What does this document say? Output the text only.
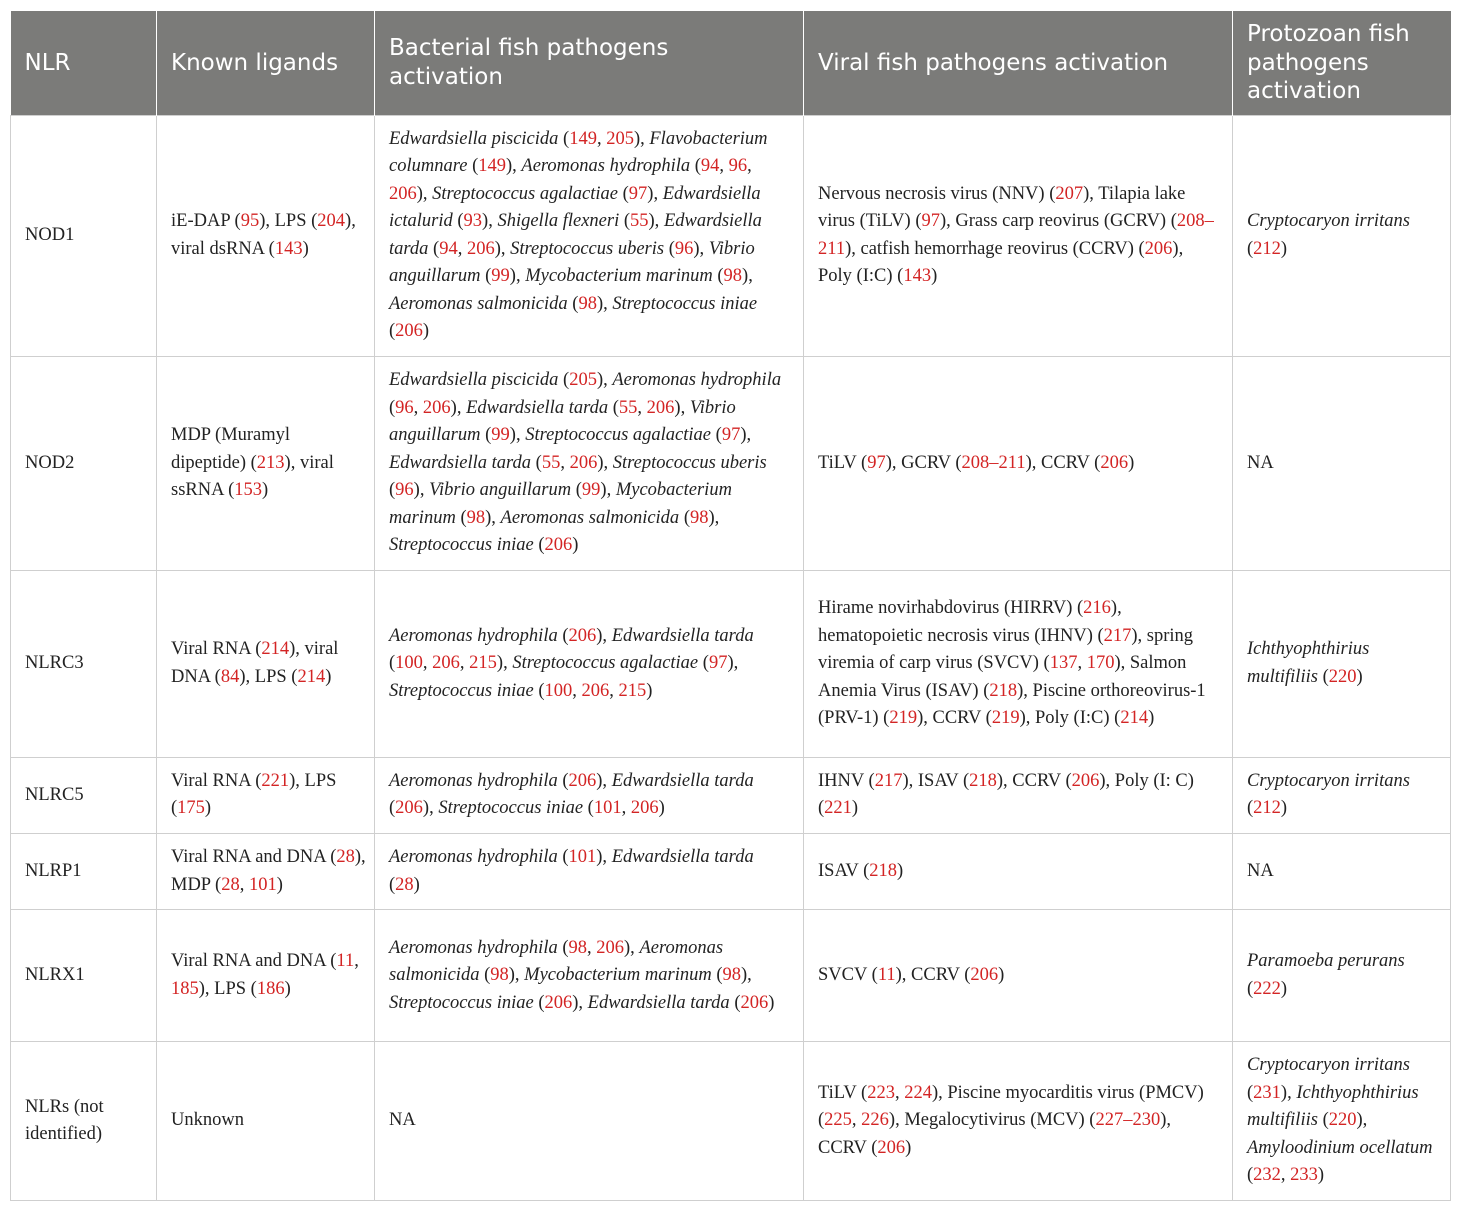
NLR	Known ligands	Bacterial fish pathogens activation	Viral fish pathogens activation	Protozoan fish pathogens activation
NOD1	iE-DAP (95), LPS (204), viral dsRNA (143)	Edwardsiella piscicida (149, 205), Flavobacterium columnare (149), Aeromonas hydrophila (94, 96, 206), Streptococcus agalactiae (97), Edwardsiella ictalurid (93), Shigella flexneri (55), Edwardsiella tarda (94, 206), Streptococcus uberis (96), Vibrio anguillarum (99), Mycobacterium marinum (98), Aeromonas salmonicida (98), Streptococcus iniae (206)	Nervous necrosis virus (NNV) (207), Tilapia lake virus (TiLV) (97), Grass carp reovirus (GCRV) (208–211), catfish hemorrhage reovirus (CCRV) (206), Poly (I:C) (143)	Cryptocaryon irritans (212)
NOD2	MDP (Muramyl dipeptide) (213), viral ssRNA (153)	Edwardsiella piscicida (205), Aeromonas hydrophila (96, 206), Edwardsiella tarda (55, 206), Vibrio anguillarum (99), Streptococcus agalactiae (97), Edwardsiella tarda (55, 206), Streptococcus uberis (96), Vibrio anguillarum (99), Mycobacterium marinum (98), Aeromonas salmonicida (98), Streptococcus iniae (206)	TiLV (97), GCRV (208–211), CCRV (206)	NA
NLRC3	Viral RNA (214), viral DNA (84), LPS (214)	Aeromonas hydrophila (206), Edwardsiella tarda (100, 206, 215), Streptococcus agalactiae (97), Streptococcus iniae (100, 206, 215)	Hirame novirhabdovirus (HIRRV) (216), hematopoietic necrosis virus (IHNV) (217), spring viremia of carp virus (SVCV) (137, 170), Salmon Anemia Virus (ISAV) (218), Piscine orthoreovirus-1 (PRV-1) (219), CCRV (219), Poly (I:C) (214)	Ichthyophthirius multifiliis (220)
NLRC5	Viral RNA (221), LPS (175)	Aeromonas hydrophila (206), Edwardsiella tarda (206), Streptococcus iniae (101, 206)	IHNV (217), ISAV (218), CCRV (206), Poly (I: C) (221)	Cryptocaryon irritans (212)
NLRP1	Viral RNA and DNA (28), MDP (28, 101)	Aeromonas hydrophila (101), Edwardsiella tarda (28)	ISAV (218)	NA
NLRX1	Viral RNA and DNA (11, 185), LPS (186)	Aeromonas hydrophila (98, 206), Aeromonas salmonicida (98), Mycobacterium marinum (98), Streptococcus iniae (206), Edwardsiella tarda (206)	SVCV (11), CCRV (206)	Paramoeba perurans (222)
NLRs (not identified)	Unknown	NA	TiLV (223, 224), Piscine myocarditis virus (PMCV) (225, 226), Megalocytivirus (MCV) (227–230), CCRV (206)	Cryptocaryon irritans (231), Ichthyophthirius multifiliis (220), Amyloodinium ocellatum (232, 233)
